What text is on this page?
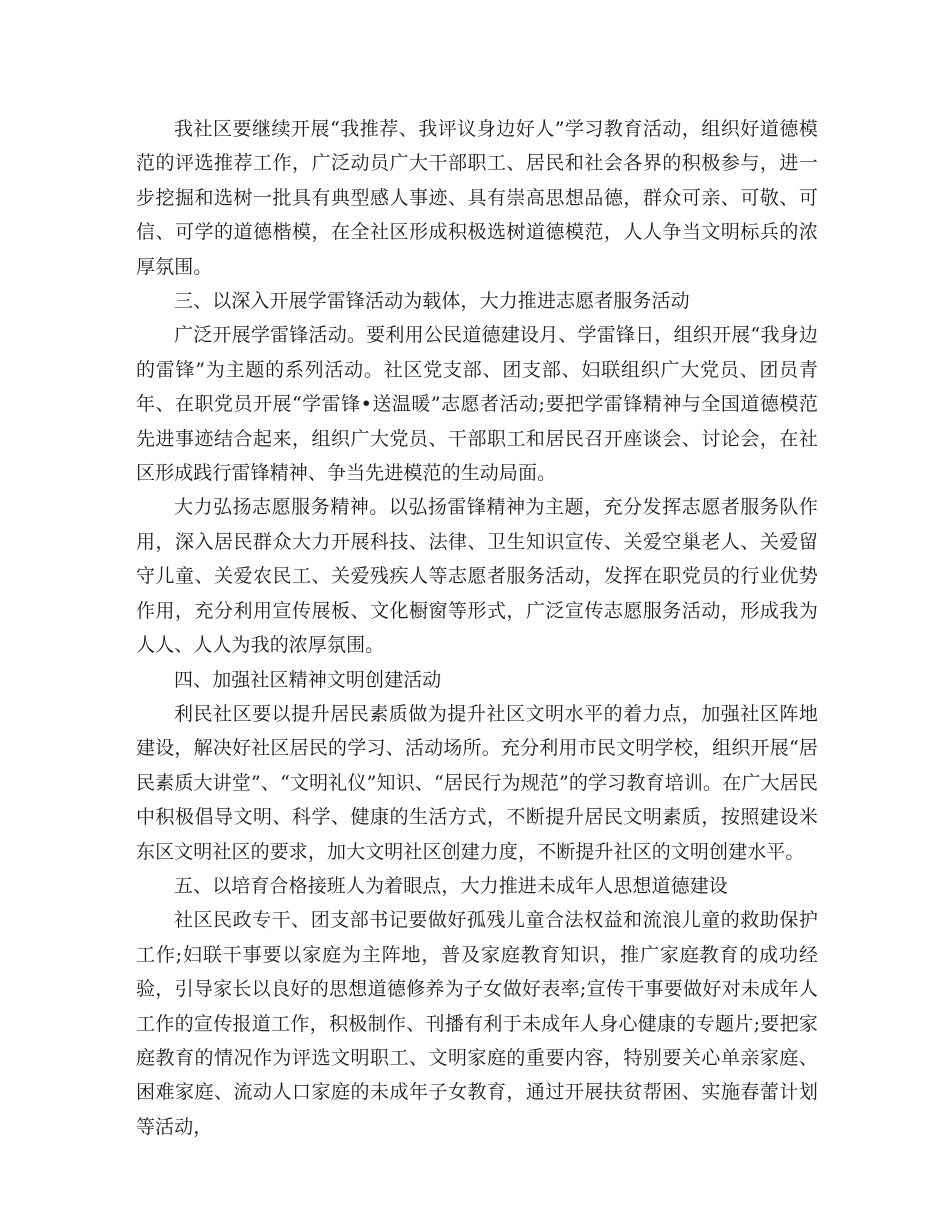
我社区要继续开展“我推荐、我评议身边好人”学习教育活动，组织好道德模范的评选推荐工作，广泛动员广大干部职工、居民和社会各界的积极参与，进一步挖掘和选树一批具有典型感人事迹、具有崇高思想品德，群众可亲、可敬、可信、可学的道德楷模，在全社区形成积极选树道德模范，人人争当文明标兵的浓厚氛围。

三、以深入开展学雷锋活动为载体，大力推进志愿者服务活动

广泛开展学雷锋活动。要利用公民道德建设月、学雷锋日，组织开展“我身边的雷锋”为主题的系列活动。社区党支部、团支部、妇联组织广大党员、团员青年、在职党员开展“学雷锋•送温暖”志愿者活动;要把学雷锋精神与全国道德模范先进事迹结合起来，组织广大党员、干部职工和居民召开座谈会、讨论会，在社区形成践行雷锋精神、争当先进模范的生动局面。

大力弘扬志愿服务精神。以弘扬雷锋精神为主题，充分发挥志愿者服务队作用，深入居民群众大力开展科技、法律、卫生知识宣传、关爱空巢老人、关爱留守儿童、关爱农民工、关爱残疾人等志愿者服务活动，发挥在职党员的行业优势作用，充分利用宣传展板、文化橱窗等形式，广泛宣传志愿服务活动，形成我为人人、人人为我的浓厚氛围。

四、加强社区精神文明创建活动

利民社区要以提升居民素质做为提升社区文明水平的着力点，加强社区阵地建设，解决好社区居民的学习、活动场所。充分利用市民文明学校，组织开展“居民素质大讲堂”、“文明礼仪”知识、“居民行为规范”的学习教育培训。在广大居民中积极倡导文明、科学、健康的生活方式，不断提升居民文明素质，按照建设米东区文明社区的要求，加大文明社区创建力度，不断提升社区的文明创建水平。

五、以培育合格接班人为着眼点，大力推进未成年人思想道德建设

社区民政专干、团支部书记要做好孤残儿童合法权益和流浪儿童的救助保护工作;妇联干事要以家庭为主阵地，普及家庭教育知识，推广家庭教育的成功经验，引导家长以良好的思想道德修养为子女做好表率;宣传干事要做好对未成年人工作的宣传报道工作，积极制作、刊播有利于未成年人身心健康的专题片;要把家庭教育的情况作为评选文明职工、文明家庭的重要内容，特别要关心单亲家庭、困难家庭、流动人口家庭的未成年子女教育，通过开展扶贫帮困、实施春蕾计划等活动，
